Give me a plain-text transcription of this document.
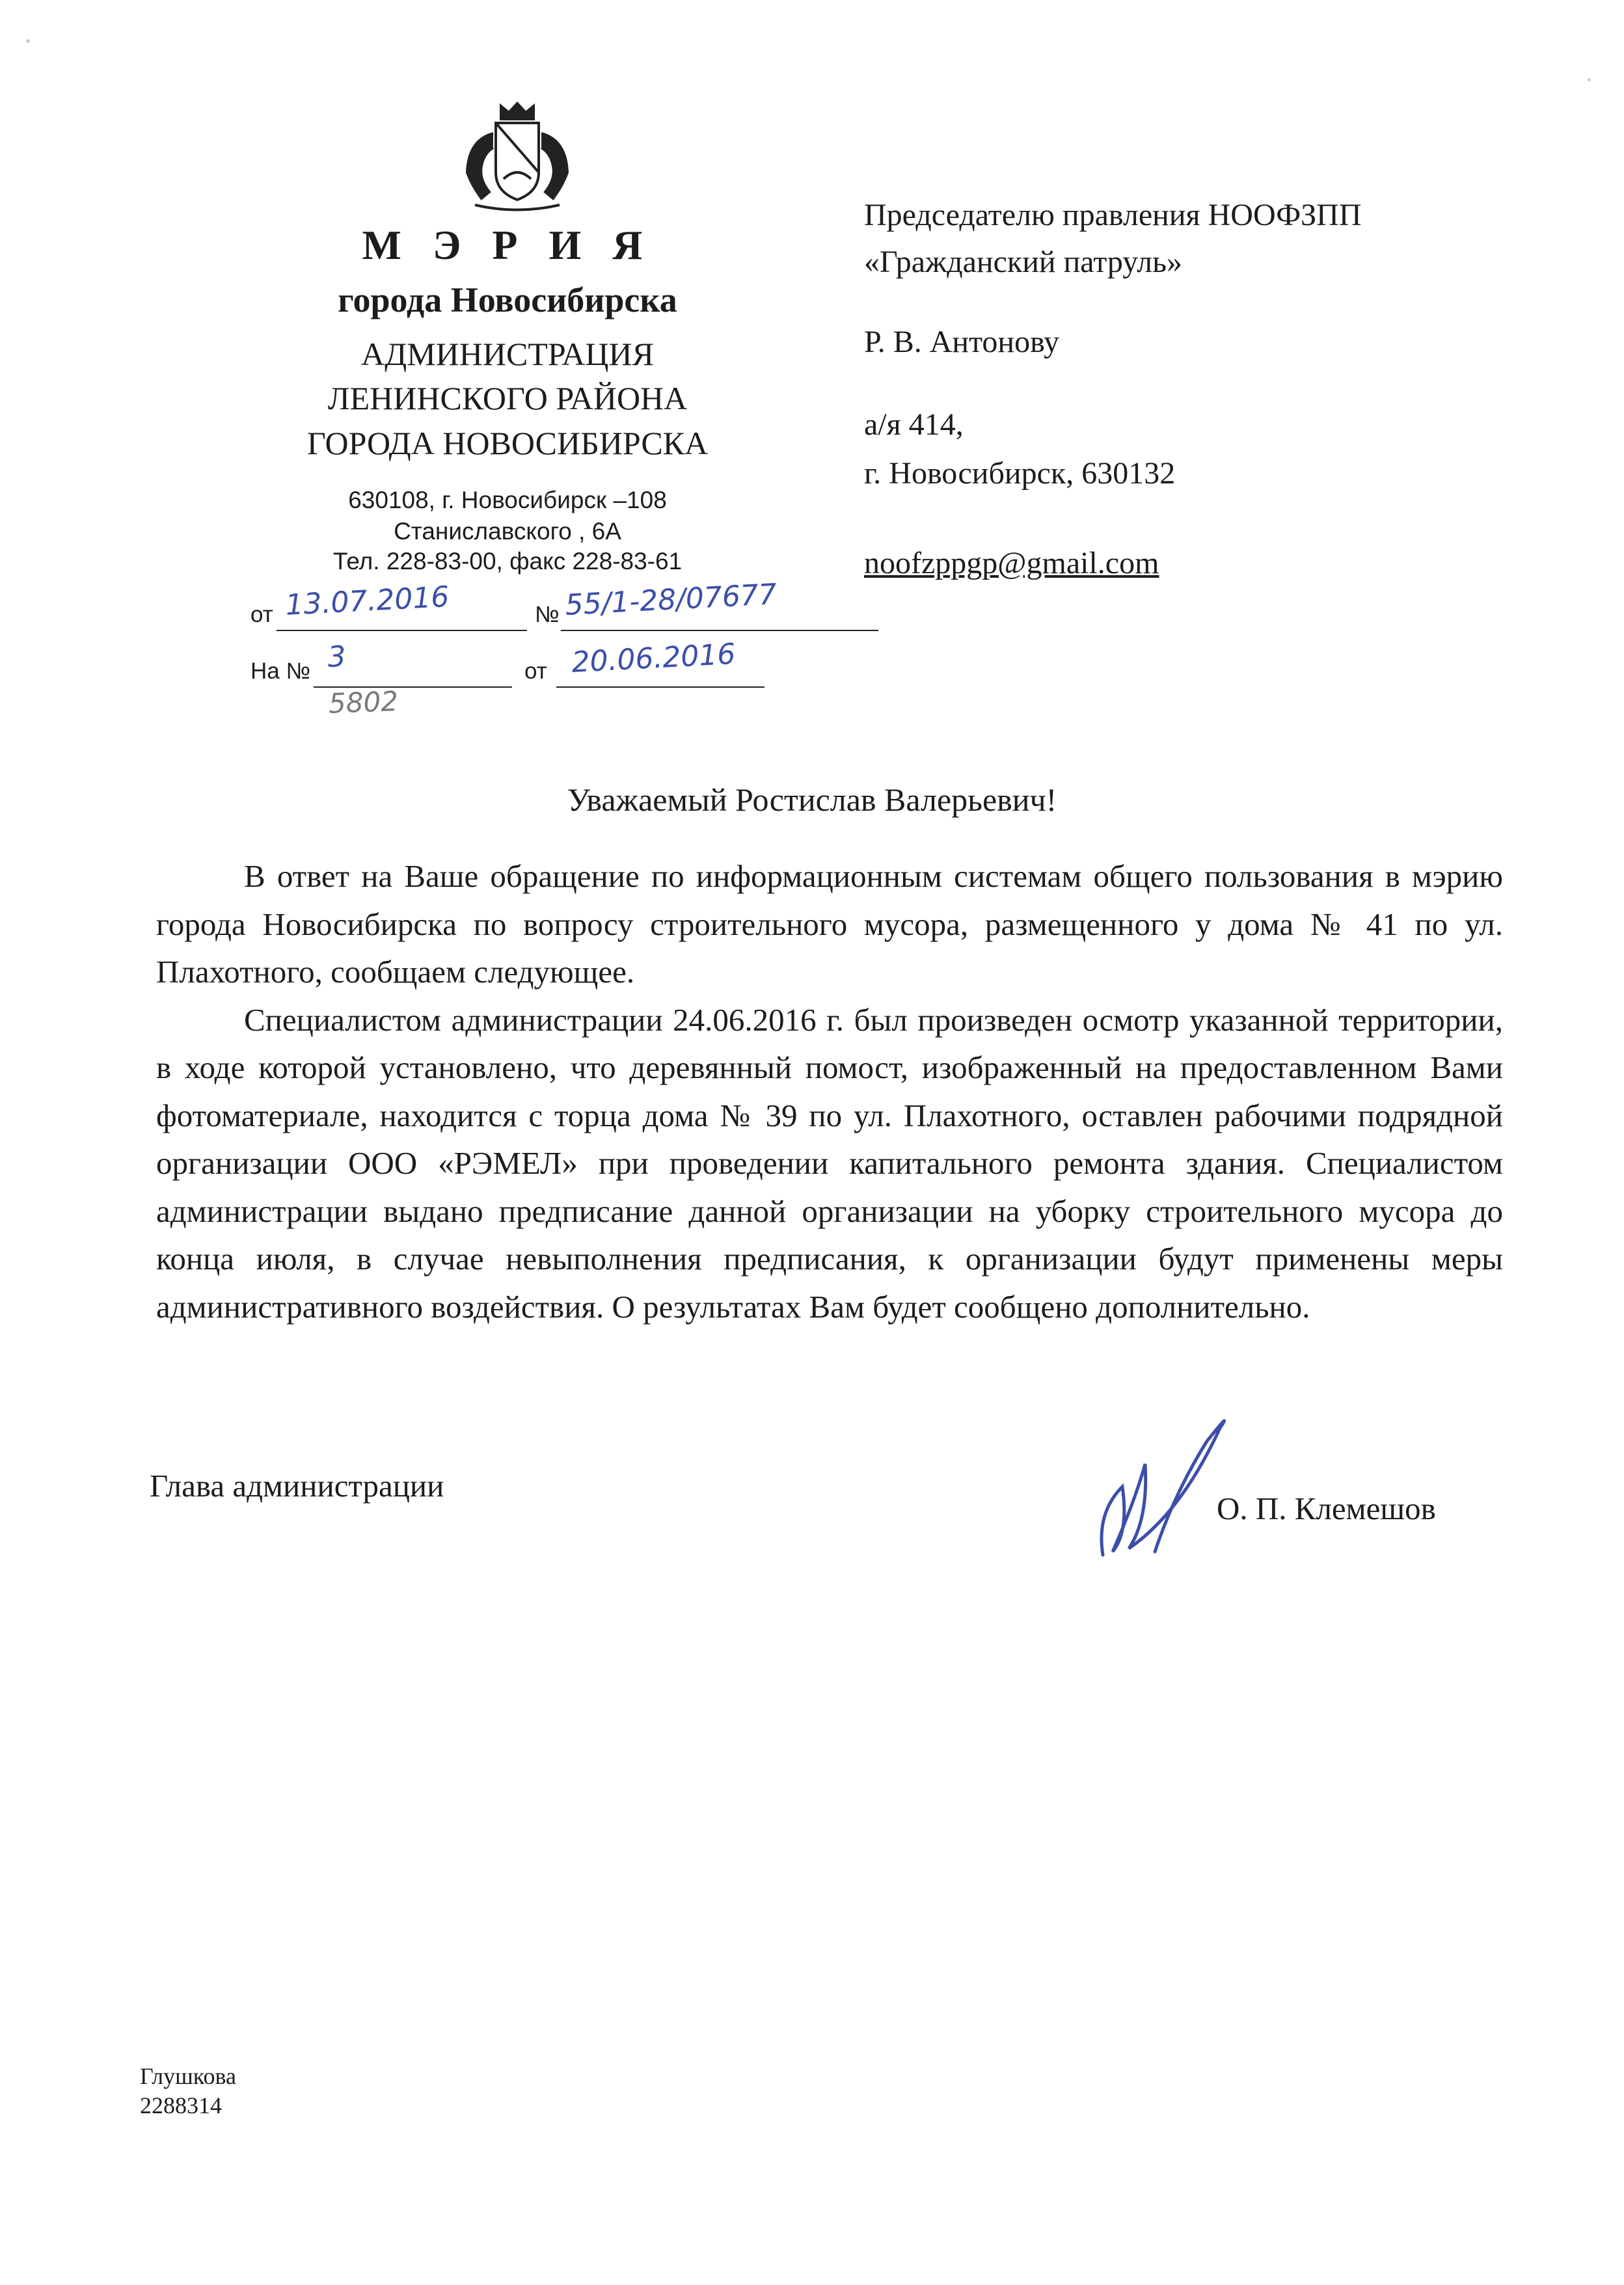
М Э Р И Я
города Новосибирска
АДМИНИСТРАЦИЯ
ЛЕНИНСКОГО РАЙОНА
ГОРОДА НОВОСИБИРСКА
630108, г. Новосибирск –108
Станиславского , 6А
Тел. 228-83-00, факс 228-83-61
от 13.07.2016	№ 55/1-28/07677
На № 3	от 20.06.2016
5802
Председателю правления НООФЗПП
«Гражданский патруль»
Р. В. Антонову
а/я 414,
г. Новосибирск, 630132
noofzppgp@gmail.com
Уважаемый Ростислав Валерьевич!

В ответ на Ваше обращение по информационным системам общего пользования в мэрию города Новосибирска по вопросу строительного мусора, размещенного у дома № 41 по ул. Плахотного, сообщаем следующее.

Специалистом администрации 24.06.2016 г. был произведен осмотр указанной территории, в ходе которой установлено, что деревянный помост, изображенный на предоставленном Вами фотоматериале, находится с торца дома № 39 по ул. Плахотного, оставлен рабочими подрядной организации ООО «РЭМЕЛ» при проведении капитального ремонта здания. Специалистом администрации выдано предписание данной организации на уборку строительного мусора до конца июля, в случае невыполнения предписания, к организации будут применены меры административного воздействия. О результатах Вам будет сообщено дополнительно.

Глава администрации
О. П. Клемешов
Глушкова
2288314
